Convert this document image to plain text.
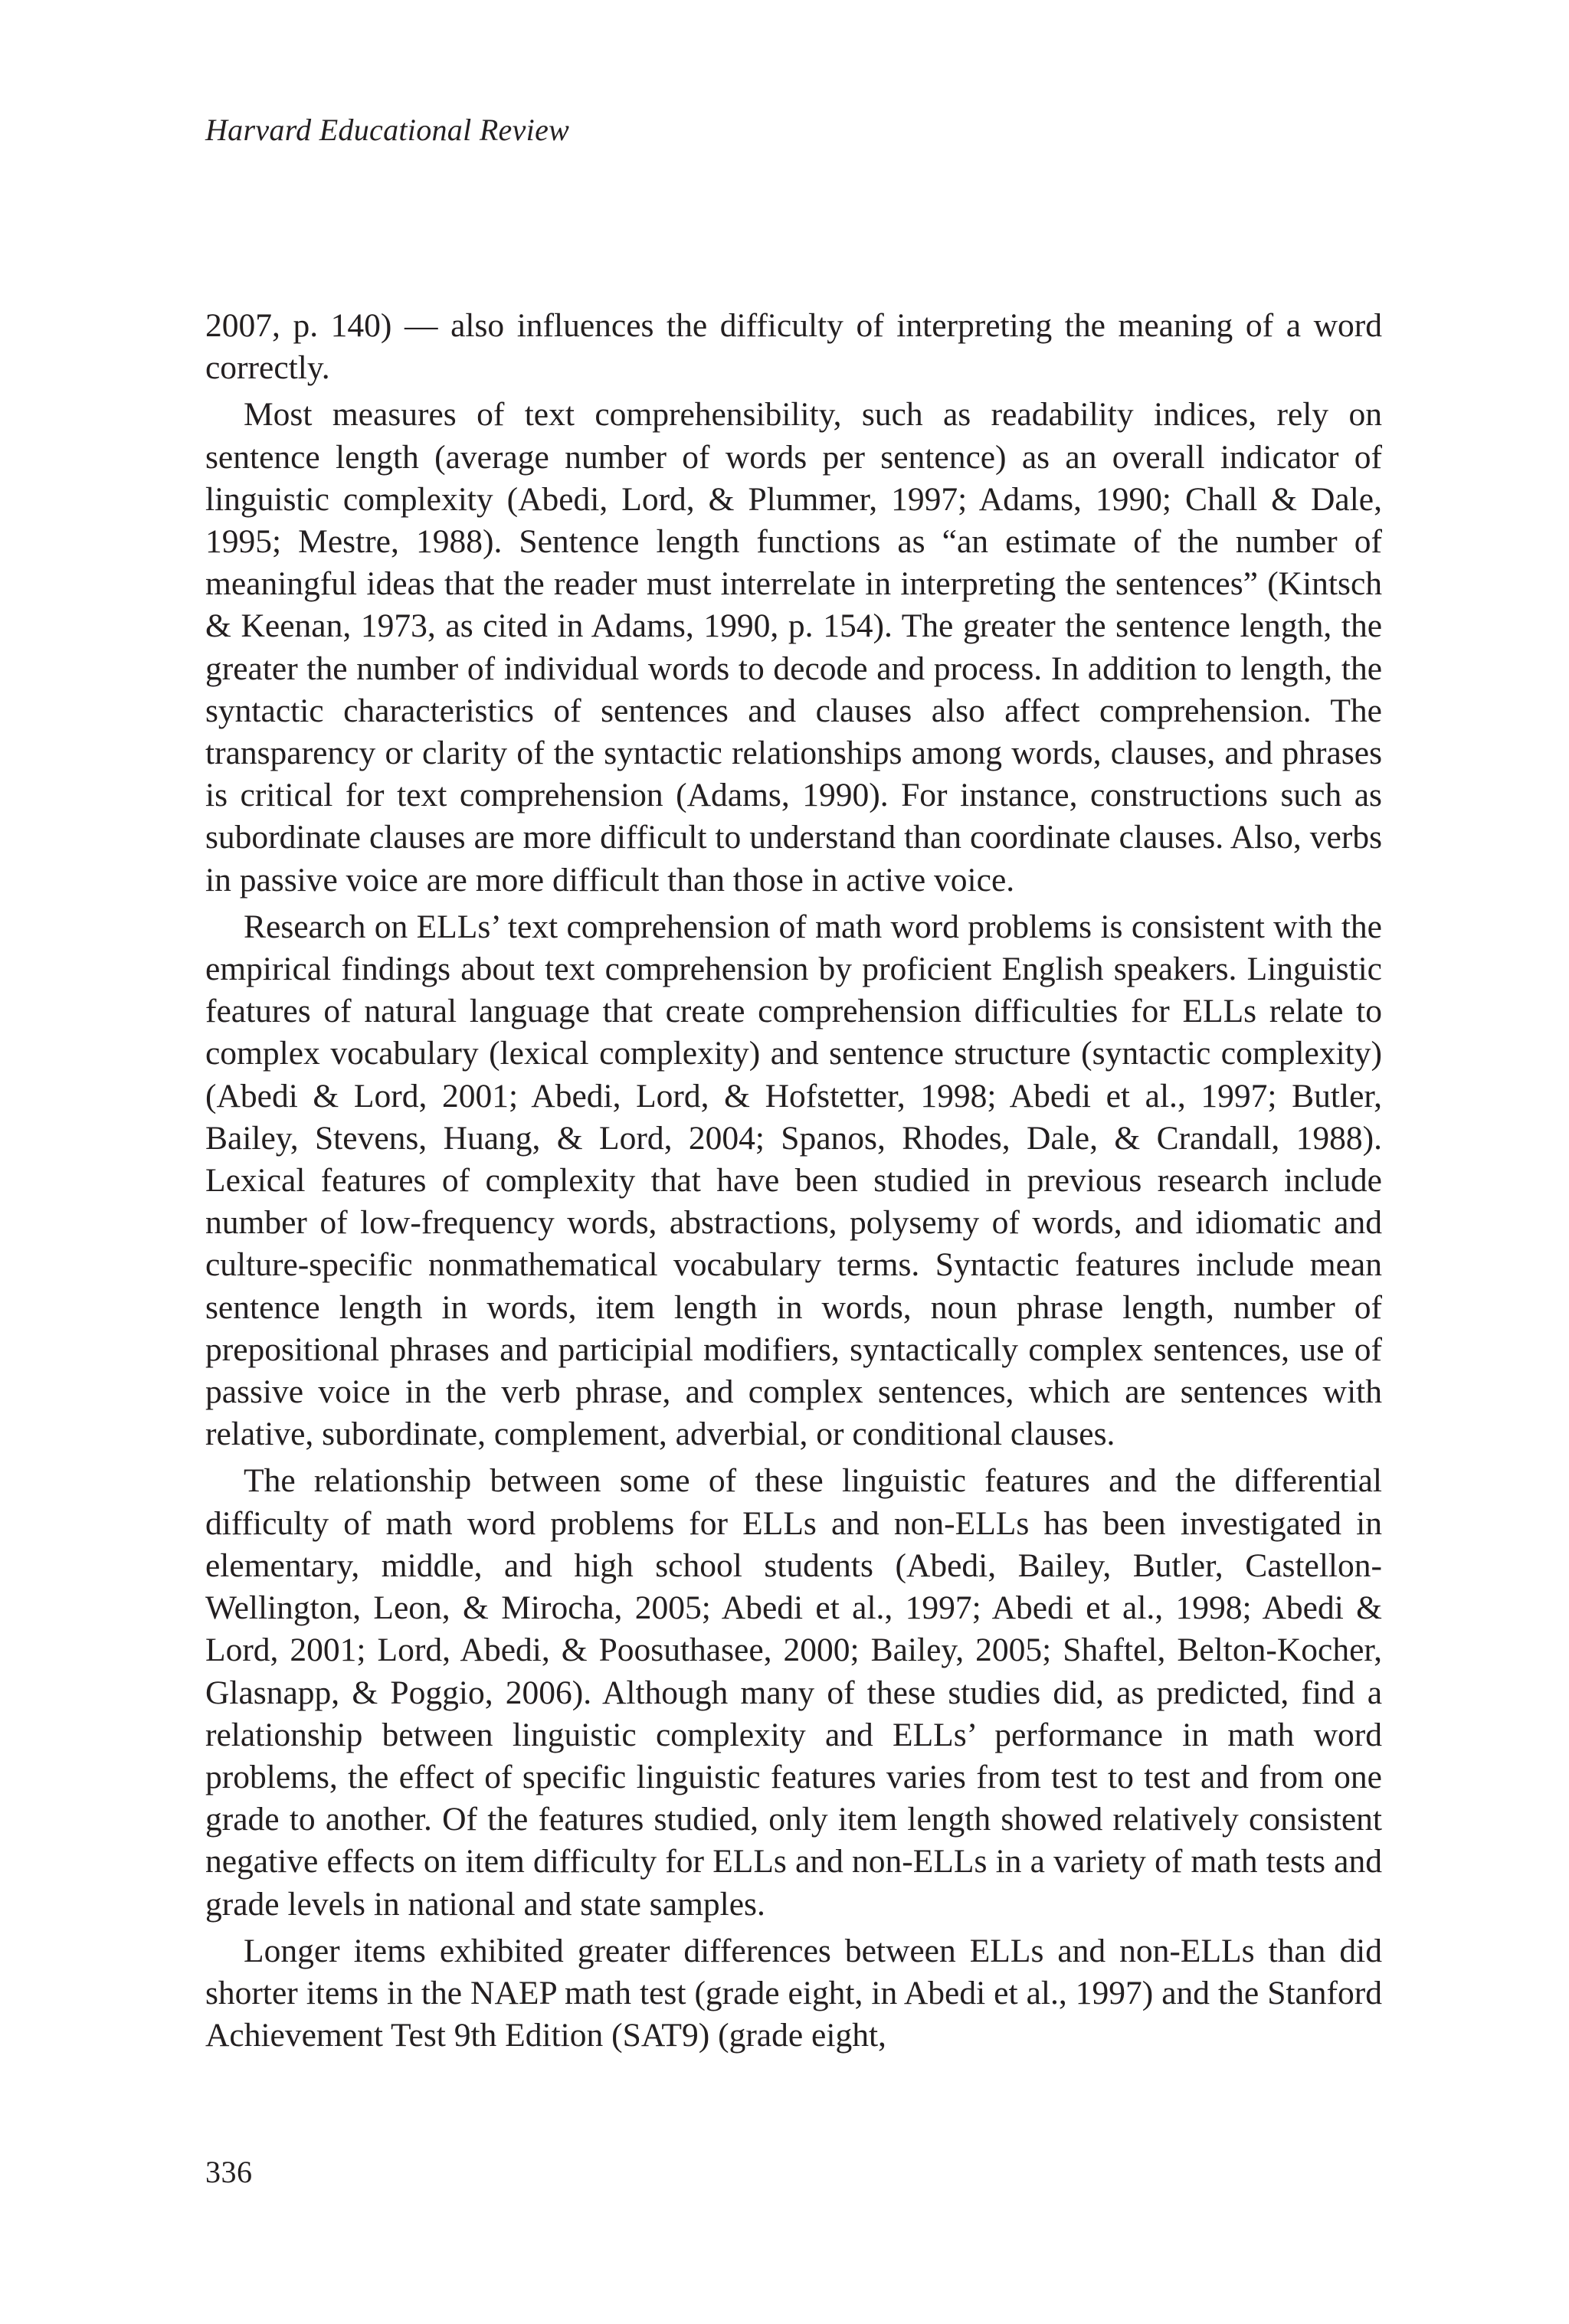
Harvard Educational Review

2007, p. 140) — also influences the difficulty of interpreting the meaning of a word correctly.

Most measures of text comprehensibility, such as readability indices, rely on sentence length (average number of words per sentence) as an overall indicator of linguistic complexity (Abedi, Lord, & Plummer, 1997; Adams, 1990; Chall & Dale, 1995; Mestre, 1988). Sentence length functions as “an estimate of the number of meaningful ideas that the reader must interrelate in interpreting the sentences” (Kintsch & Keenan, 1973, as cited in Adams, 1990, p. 154). The greater the sentence length, the greater the number of individual words to decode and process. In addition to length, the syntactic characteristics of sentences and clauses also affect comprehension. The transparency or clarity of the syntactic relationships among words, clauses, and phrases is critical for text comprehension (Adams, 1990). For instance, constructions such as subordinate clauses are more difficult to understand than coordinate clauses. Also, verbs in passive voice are more difficult than those in active voice.

Research on ELLs’ text comprehension of math word problems is consistent with the empirical findings about text comprehension by proficient English speakers. Linguistic features of natural language that create comprehension difficulties for ELLs relate to complex vocabulary (lexical complexity) and sentence structure (syntactic complexity) (Abedi & Lord, 2001; Abedi, Lord, & Hofstetter, 1998; Abedi et al., 1997; Butler, Bailey, Stevens, Huang, & Lord, 2004; Spanos, Rhodes, Dale, & Crandall, 1988). Lexical features of complexity that have been studied in previous research include number of low-frequency words, abstractions, polysemy of words, and idiomatic and culture-specific nonmathematical vocabulary terms. Syntactic features include mean sentence length in words, item length in words, noun phrase length, number of prepositional phrases and participial modifiers, syntactically complex sentences, use of passive voice in the verb phrase, and complex sentences, which are sentences with relative, subordinate, complement, adverbial, or conditional clauses.

The relationship between some of these linguistic features and the differential difficulty of math word problems for ELLs and non-ELLs has been investigated in elementary, middle, and high school students (Abedi, Bailey, Butler, Castellon-Wellington, Leon, & Mirocha, 2005; Abedi et al., 1997; Abedi et al., 1998; Abedi & Lord, 2001; Lord, Abedi, & Poosuthasee, 2000; Bailey, 2005; Shaftel, Belton-Kocher, Glasnapp, & Poggio, 2006). Although many of these studies did, as predicted, find a relationship between linguistic complexity and ELLs’ performance in math word problems, the effect of specific linguistic features varies from test to test and from one grade to another. Of the features studied, only item length showed relatively consistent negative effects on item difficulty for ELLs and non-ELLs in a variety of math tests and grade levels in national and state samples.

Longer items exhibited greater differences between ELLs and non-ELLs than did shorter items in the NAEP math test (grade eight, in Abedi et al., 1997) and the Stanford Achievement Test 9th Edition (SAT9) (grade eight,

336
